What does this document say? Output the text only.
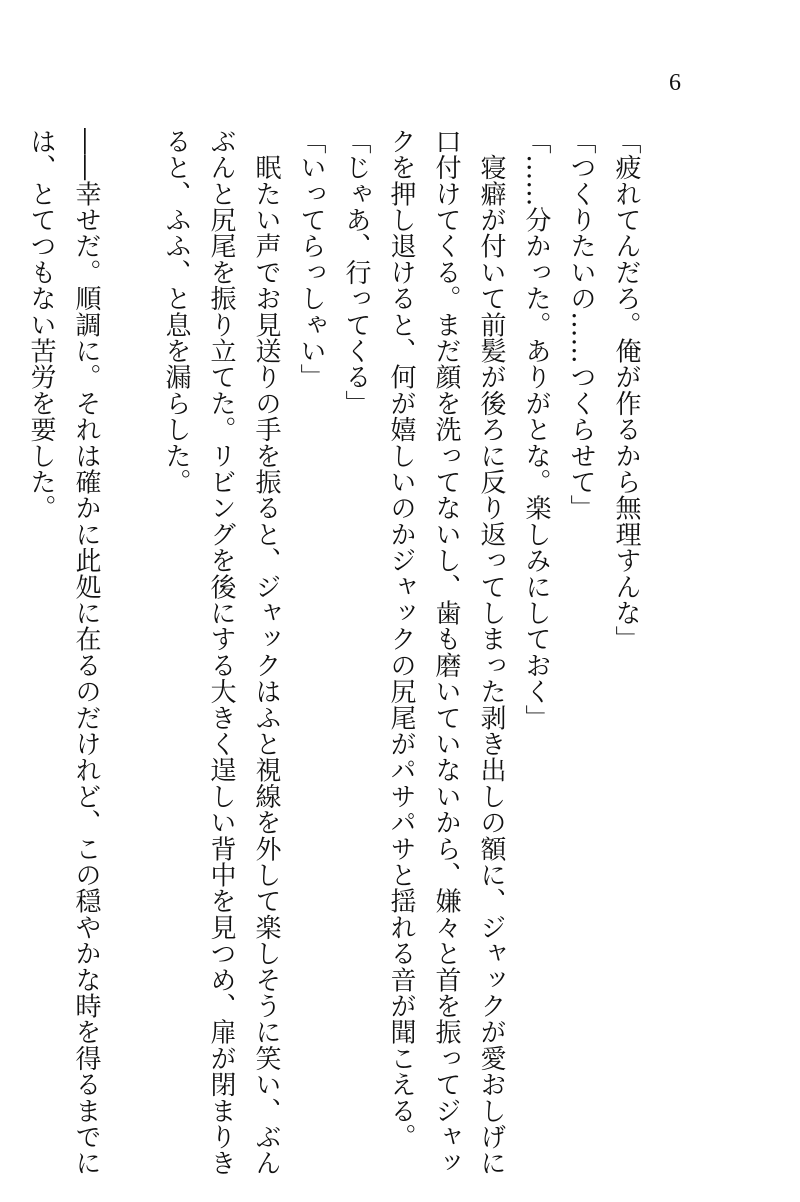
6
「疲れてんだろ。俺が作るから無理すんな」
「つくりたいの……つくらせて」
「……分かった。ありがとな。楽しみにしておく」
　寝癖が付いて前髪が後ろに反り返ってしまった剥き出しの額に、ジャックが愛おしげに
口付けてくる。まだ顔を洗ってないし、歯も磨いていないから、嫌々と首を振ってジャッ
クを押し退けると、何が嬉しいのかジャックの尻尾がパサパサと揺れる音が聞こえる。
「じゃあ、行ってくる」
「いってらっしゃい」
　眠たい声でお見送りの手を振ると、ジャックはふと視線を外して楽しそうに笑い、ぶん
ぶんと尻尾を振り立てた。リビングを後にする大きく逞しい背中を見つめ、扉が閉まりき
ると、ふふ、と息を漏らした。
――幸せだ。順調に。それは確かに此処に在るのだけれど、この穏やかな時を得るまでに
は、とてつもない苦労を要した。
